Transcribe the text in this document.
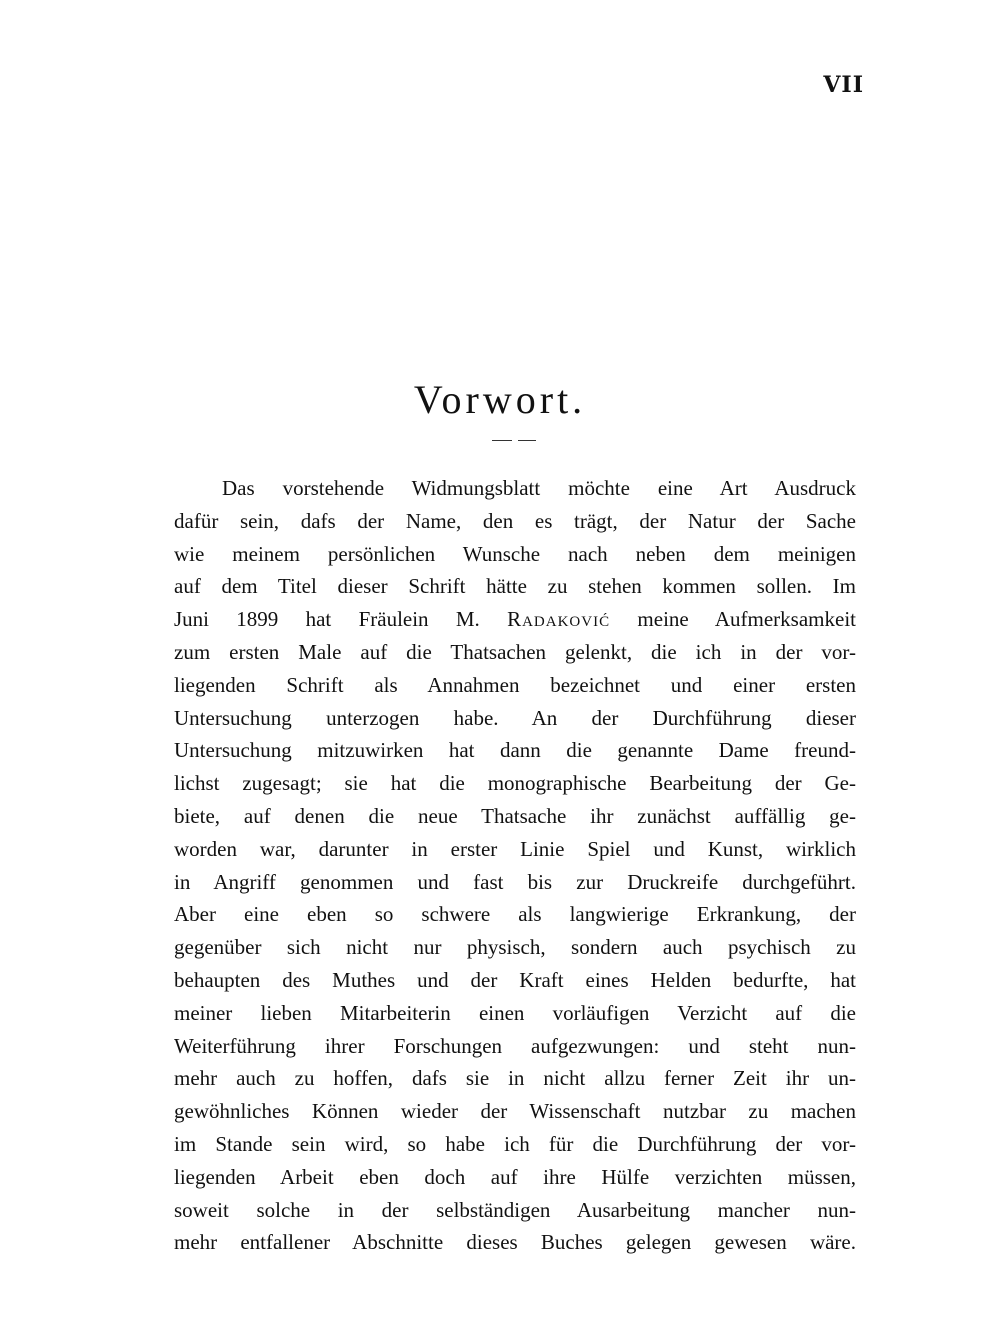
VII
Vorwort.
Das vorstehende Widmungsblatt möchte eine Art Ausdruck
dafür sein, dafs der Name, den es trägt, der Natur der Sache
wie meinem persönlichen Wunsche nach neben dem meinigen
auf dem Titel dieser Schrift hätte zu stehen kommen sollen. Im
Juni 1899 hat Fräulein M. Radaković meine Aufmerksamkeit
zum ersten Male auf die Thatsachen gelenkt, die ich in der vor-
liegenden Schrift als Annahmen bezeichnet und einer ersten
Untersuchung unterzogen habe. An der Durchführung dieser
Untersuchung mitzuwirken hat dann die genannte Dame freund-
lichst zugesagt; sie hat die monographische Bearbeitung der Ge-
biete, auf denen die neue Thatsache ihr zunächst auffällig ge-
worden war, darunter in erster Linie Spiel und Kunst, wirklich
in Angriff genommen und fast bis zur Druckreife durchgeführt.
Aber eine eben so schwere als langwierige Erkrankung, der
gegenüber sich nicht nur physisch, sondern auch psychisch zu
behaupten des Muthes und der Kraft eines Helden bedurfte, hat
meiner lieben Mitarbeiterin einen vorläufigen Verzicht auf die
Weiterführung ihrer Forschungen aufgezwungen: und steht nun-
mehr auch zu hoffen, dafs sie in nicht allzu ferner Zeit ihr un-
gewöhnliches Können wieder der Wissenschaft nutzbar zu machen
im Stande sein wird, so habe ich für die Durchführung der vor-
liegenden Arbeit eben doch auf ihre Hülfe verzichten müssen,
soweit solche in der selbständigen Ausarbeitung mancher nun-
mehr entfallener Abschnitte dieses Buches gelegen gewesen wäre.
